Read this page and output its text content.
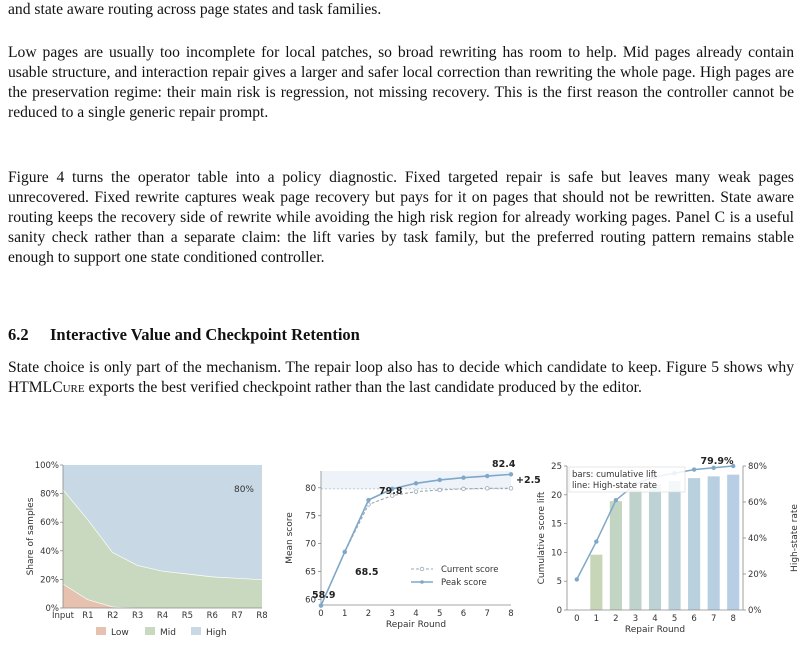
and state aware routing across page states and task families.

Low pages are usually too incomplete for local patches, so broad rewriting has room to help. Mid pages already contain usable structure, and interaction repair gives a larger and safer local correction than rewriting the whole page. High pages are the preservation regime: their main risk is regression, not missing recovery. This is the first reason the controller cannot be reduced to a single generic repair prompt.

Figure 4 turns the operator table into a policy diagnostic. Fixed targeted repair is safe but leaves many weak pages unrecovered. Fixed rewrite captures weak page recovery but pays for it on pages that should not be rewritten. State aware routing keeps the recovery side of rewrite while avoiding the high risk region for already working pages. Panel C is a useful sanity check rather than a separate claim: the lift varies by task family, but the preferred routing pattern remains stable enough to support one state conditioned controller.

6.2 Interactive Value and Checkpoint Retention

State choice is only part of the mechanism. The repair loop also has to decide which candidate to keep. Figure 5 shows why HTMLCure exports the best verified checkpoint rather than the last candidate produced by the editor.

0%
20%
40%
60%
80%
100%
Input R1 R2 R3 R4 R5 R6 R7 R8
Share of samples
80%
Low	Mid	High
60
65
70
75
80
0 1 2 3 4 5 6 7 8
Repair Round
Mean score
58.9
68.5
79.8
82.4
+2.5
Current score
Peak score
0
5
10
15
20
25
0%
20%
40%
60%
80%
0 1 2 3 4 5 6 7 8
Repair Round
Cumulative score lift	High-state rate
bars: cumulative lift
line: High-state rate
79.9%
